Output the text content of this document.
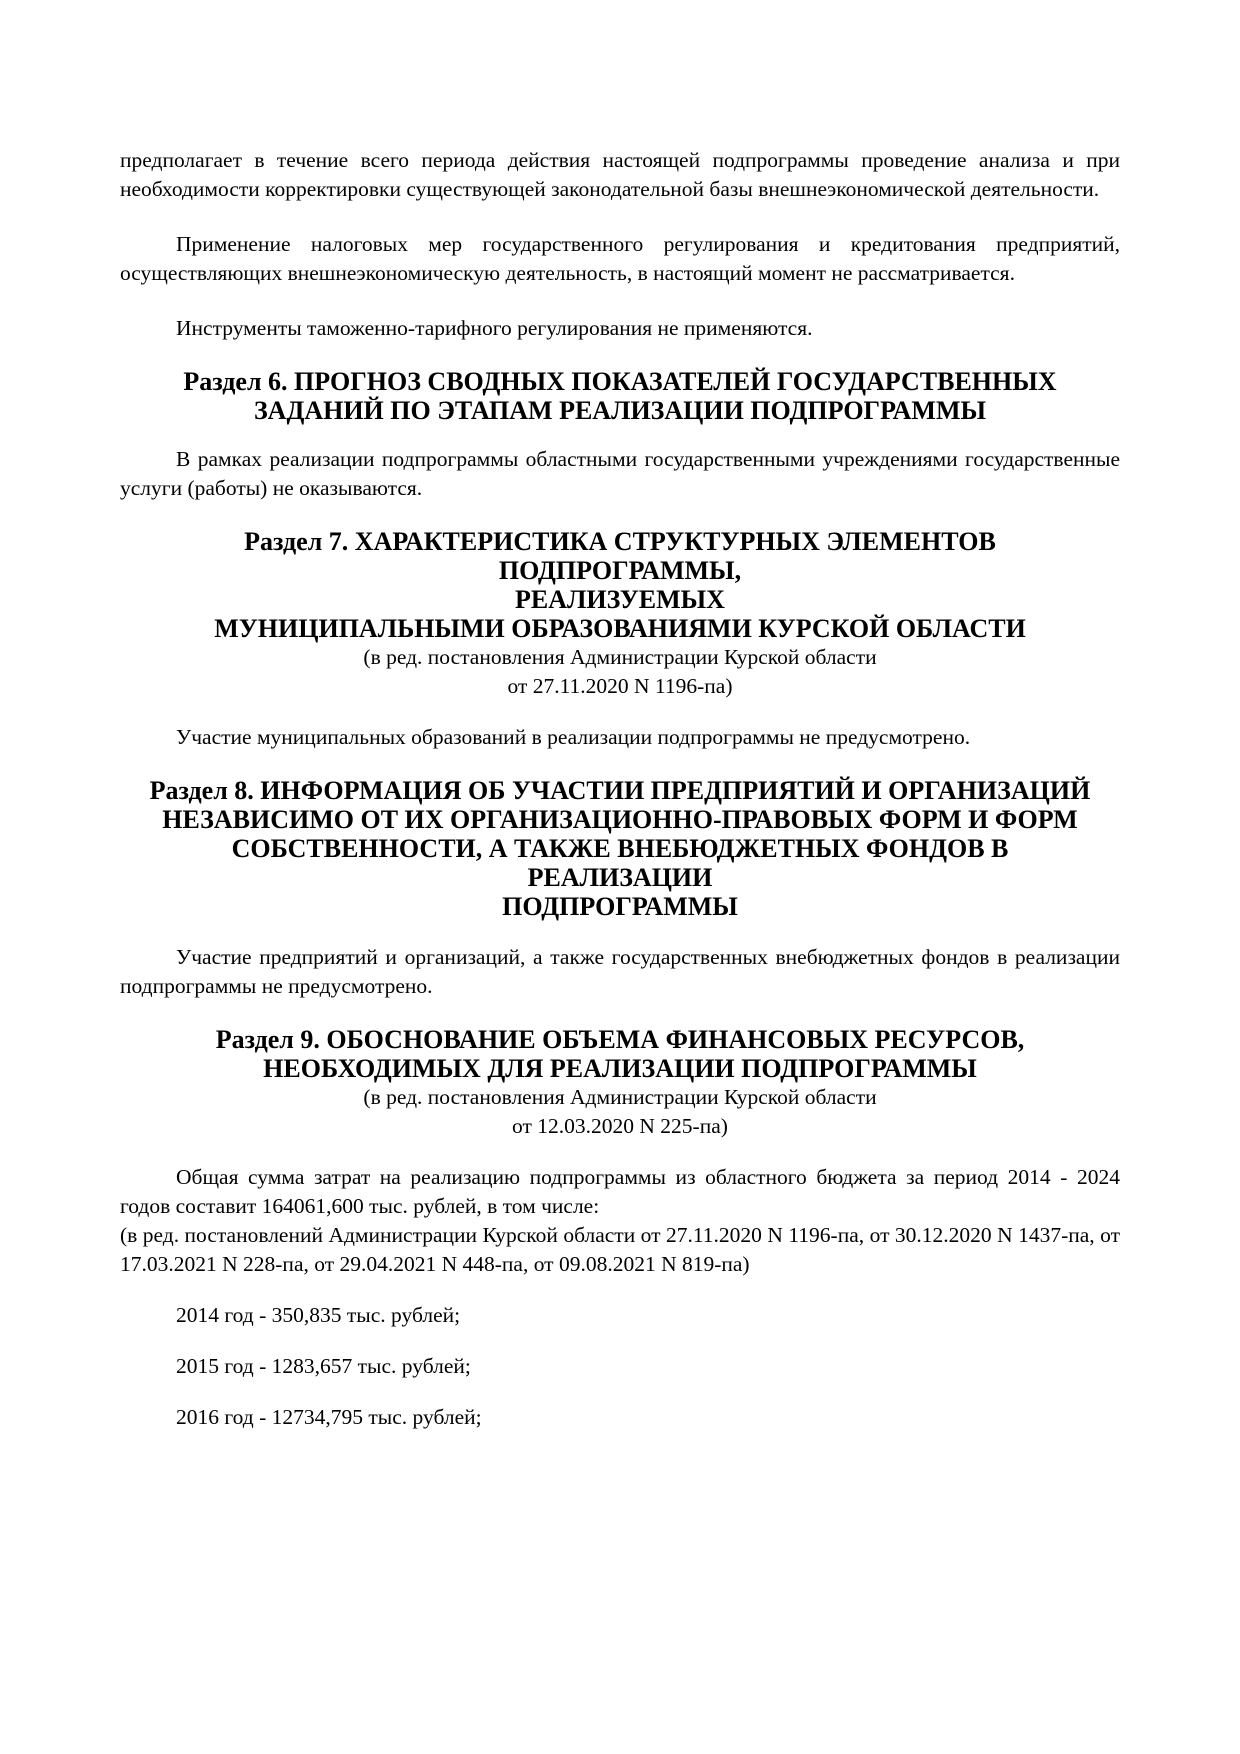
предполагает в течение всего периода действия настоящей подпрограммы проведение анализа и при необходимости корректировки существующей законодательной базы внешнеэкономической деятельности.

Применение налоговых мер государственного регулирования и кредитования предприятий, осуществляющих внешнеэкономическую деятельность, в настоящий момент не рассматривается.

Инструменты таможенно-тарифного регулирования не применяются.

Раздел 6. ПРОГНОЗ СВОДНЫХ ПОКАЗАТЕЛЕЙ ГОСУДАРСТВЕННЫХ
ЗАДАНИЙ ПО ЭТАПАМ РЕАЛИЗАЦИИ ПОДПРОГРАММЫ

В рамках реализации подпрограммы областными государственными учреждениями государственные услуги (работы) не оказываются.

Раздел 7. ХАРАКТЕРИСТИКА СТРУКТУРНЫХ ЭЛЕМЕНТОВ
ПОДПРОГРАММЫ,
РЕАЛИЗУЕМЫХ
МУНИЦИПАЛЬНЫМИ ОБРАЗОВАНИЯМИ КУРСКОЙ ОБЛАСТИ
(в ред. постановления Администрации Курской области
от 27.11.2020 N 1196-па)

Участие муниципальных образований в реализации подпрограммы не предусмотрено.

Раздел 8. ИНФОРМАЦИЯ ОБ УЧАСТИИ ПРЕДПРИЯТИЙ И ОРГАНИЗАЦИЙ
НЕЗАВИСИМО ОТ ИХ ОРГАНИЗАЦИОННО-ПРАВОВЫХ ФОРМ И ФОРМ
СОБСТВЕННОСТИ, А ТАКЖЕ ВНЕБЮДЖЕТНЫХ ФОНДОВ В
РЕАЛИЗАЦИИ
ПОДПРОГРАММЫ

Участие предприятий и организаций, а также государственных внебюджетных фондов в реализации подпрограммы не предусмотрено.

Раздел 9. ОБОСНОВАНИЕ ОБЪЕМА ФИНАНСОВЫХ РЕСУРСОВ,
НЕОБХОДИМЫХ ДЛЯ РЕАЛИЗАЦИИ ПОДПРОГРАММЫ
(в ред. постановления Администрации Курской области
от 12.03.2020 N 225-па)

Общая сумма затрат на реализацию подпрограммы из областного бюджета за период 2014 - 2024 годов составит 164061,600 тыс. рублей, в том числе:

(в ред. постановлений Администрации Курской области от 27.11.2020 N 1196-па, от 30.12.2020 N 1437-па, от 17.03.2021 N 228-па, от 29.04.2021 N 448-па, от 09.08.2021 N 819-па)

2014 год - 350,835 тыс. рублей;

2015 год - 1283,657 тыс. рублей;

2016 год - 12734,795 тыс. рублей;
